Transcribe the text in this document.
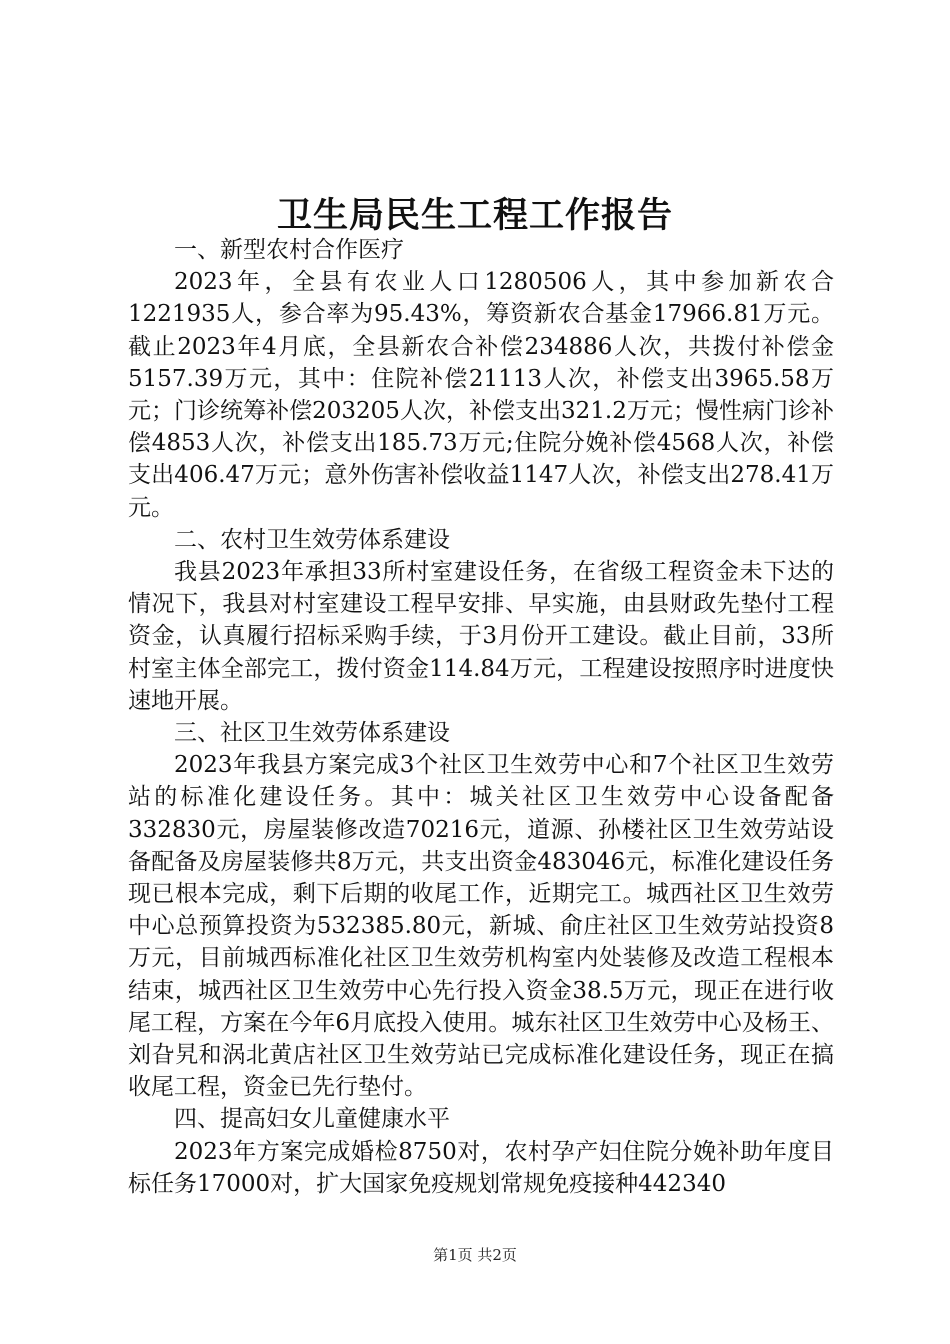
卫生局民生工程工作报告

一、新型农村合作医疗

2023年，全县有农业人口1280506人，其中参加新农合1221935人，参合率为95.43%，筹资新农合基金17966.81万元。截止2023年4月底，全县新农合补偿234886人次，共拨付补偿金5157.39万元，其中：住院补偿21113人次，补偿支出3965.58万元；门诊统筹补偿203205人次，补偿支出321.2万元；慢性病门诊补偿4853人次，补偿支出185.73万元;住院分娩补偿4568人次，补偿支出406.47万元；意外伤害补偿收益1147人次，补偿支出278.41万元。

二、农村卫生效劳体系建设

我县2023年承担33所村室建设任务，在省级工程资金未下达的情况下，我县对村室建设工程早安排、早实施，由县财政先垫付工程资金，认真履行招标采购手续，于3月份开工建设。截止目前，33所村室主体全部完工，拨付资金114.84万元，工程建设按照序时进度快速地开展。

三、社区卫生效劳体系建设

2023年我县方案完成3个社区卫生效劳中心和7个社区卫生效劳站的标准化建设任务。其中：城关社区卫生效劳中心设备配备332830元，房屋装修改造70216元，道源、孙楼社区卫生效劳站设备配备及房屋装修共8万元，共支出资金483046元，标准化建设任务现已根本完成，剩下后期的收尾工作，近期完工。城西社区卫生效劳中心总预算投资为532385.80元，新城、俞庄社区卫生效劳站投资8万元，目前城西标准化社区卫生效劳机构室内处装修及改造工程根本结束，城西社区卫生效劳中心先行投入资金38.5万元，现正在进行收尾工程，方案在今年6月底投入使用。城东社区卫生效劳中心及杨王、刘旮旯和涡北黄店社区卫生效劳站已完成标准化建设任务，现正在搞收尾工程，资金已先行垫付。

四、提高妇女儿童健康水平

2023年方案完成婚检8750对，农村孕产妇住院分娩补助年度目标任务17000对，扩大国家免疫规划常规免疫接种442340

第1页 共2页
